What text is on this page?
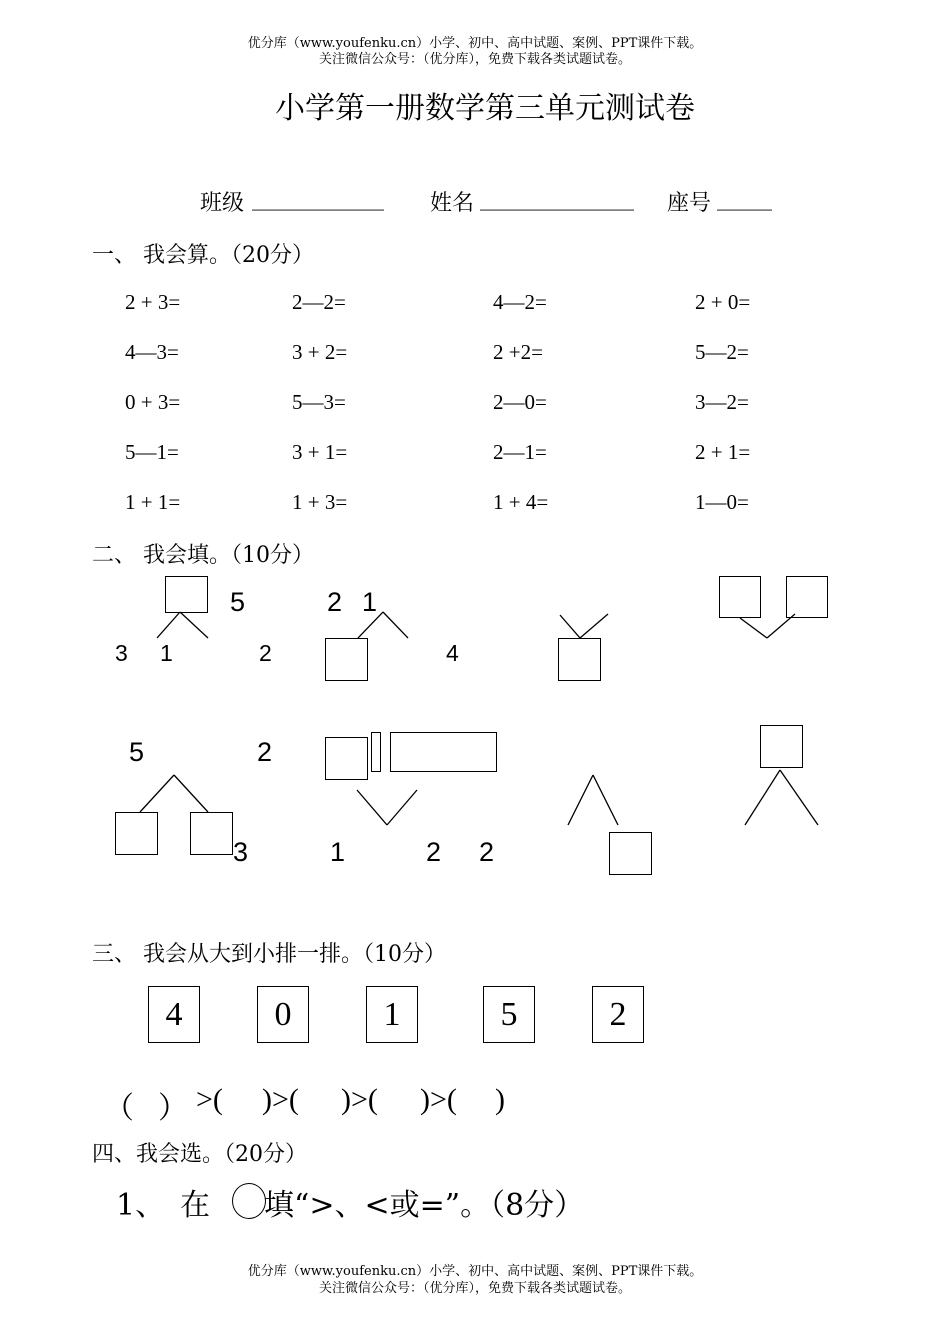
优分库（www.youfenku.cn）小学、初中、高中试题、案例、PPT课件下载。
关注微信公众号：（优分库），免费下载各类试题试卷。
小学第一册数学第三单元测试卷
班级 ____________ 姓名 ______________ 座号 _____
一、 我会算。（20分）
2 + 3=	2—2=	4—2=	2 + 0=
4—3=	3 + 2=	2 +2=	5—2=
0 + 3=	5—3=	2—0=	3—2=
5—1=	3 + 1=	2—1=	2 + 1=
1 + 1=	1 + 3=	1 + 4=	1—0=
二、 我会填。（10分）
3 1
5	2 1
2	4
5	2
3	1	2 2
三、 我会从大到小排一排。（10分）
4	0	1	5	2
（ ） >( )>( )>( )>( )
四、我会选。（20分）
1、 在 填“>、<或=”。（8分）
优分库（www.youfenku.cn）小学、初中、高中试题、案例、PPT课件下载。
关注微信公众号：（优分库），免费下载各类试题试卷。
